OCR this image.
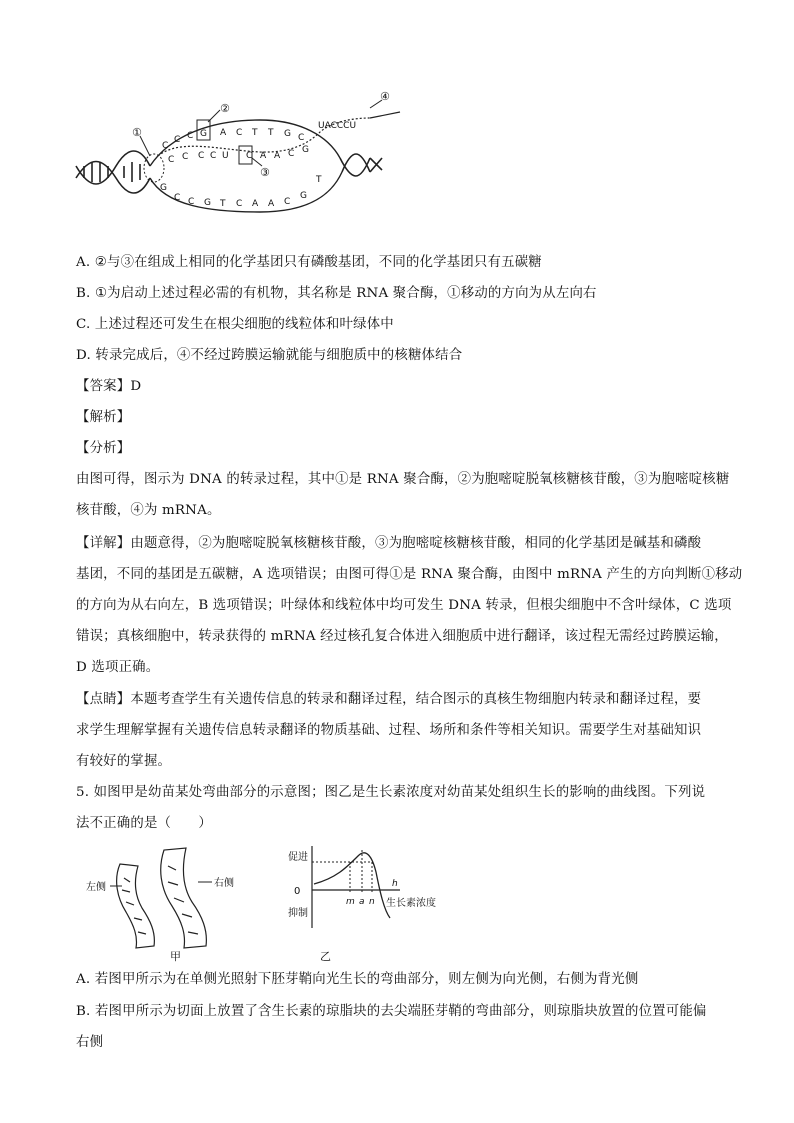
C
C C G A C T T G C
C C C C U C A A C G
G
C C G T C A A C
G
T
UACCCU
①
②
③
④
A. ②与③在组成上相同的化学基团只有磷酸基团，不同的化学基团只有五碳糖
B. ①为启动上述过程必需的有机物，其名称是 RNA 聚合酶，①移动的方向为从左向右
C. 上述过程还可发生在根尖细胞的线粒体和叶绿体中
D. 转录完成后，④不经过跨膜运输就能与细胞质中的核糖体结合
【答案】D
【解析】
【分析】
由图可得，图示为 DNA 的转录过程，其中①是 RNA 聚合酶，②为胞嘧啶脱氧核糖核苷酸，③为胞嘧啶核糖
核苷酸，④为 mRNA。
【详解】由题意得，②为胞嘧啶脱氧核糖核苷酸，③为胞嘧啶核糖核苷酸，相同的化学基团是碱基和磷酸
基团，不同的基团是五碳糖，A 选项错误；由图可得①是 RNA 聚合酶，由图中 mRNA 产生的方向判断①移动
的方向为从右向左，B 选项错误；叶绿体和线粒体中均可发生 DNA 转录，但根尖细胞中不含叶绿体，C 选项
错误；真核细胞中，转录获得的 mRNA 经过核孔复合体进入细胞质中进行翻译，该过程无需经过跨膜运输，
D 选项正确。
【点睛】本题考查学生有关遗传信息的转录和翻译过程，结合图示的真核生物细胞内转录和翻译过程，要
求学生理解掌握有关遗传信息转录翻译的物质基础、过程、场所和条件等相关知识。需要学生对基础知识
有较好的掌握。
5. 如图甲是幼苗某处弯曲部分的示意图；图乙是生长素浓度对幼苗某处组织生长的影响的曲线图。下列说
法不正确的是（　　）
左侧	右侧
甲
促进
0
抑制
m a n
h
生长素浓度
乙
A. 若图甲所示为在单侧光照射下胚芽鞘向光生长的弯曲部分，则左侧为向光侧，右侧为背光侧
B. 若图甲所示为切面上放置了含生长素的琼脂块的去尖端胚芽鞘的弯曲部分，则琼脂块放置的位置可能偏
右侧
